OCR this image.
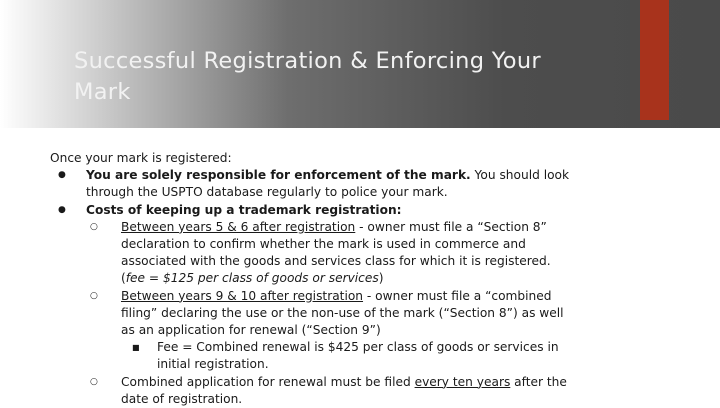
Successful Registration & Enforcing Your Mark

Once your mark is registered:

● You are solely responsible for enforcement of the mark. You should look through the USPTO database regularly to police your mark.
● Costs of keeping up a trademark registration:
○ Between years 5 & 6 after registration - owner must file a “Section 8” declaration to confirm whether the mark is used in commerce and associated with the goods and services class for which it is registered. (fee = $125 per class of goods or services)
○ Between years 9 & 10 after registration - owner must file a “combined filing” declaring the use or the non-use of the mark (“Section 8”) as well as an application for renewal (“Section 9”)
■ Fee = Combined renewal is $425 per class of goods or services in initial registration.
○ Combined application for renewal must be filed every ten years after the date of registration.
